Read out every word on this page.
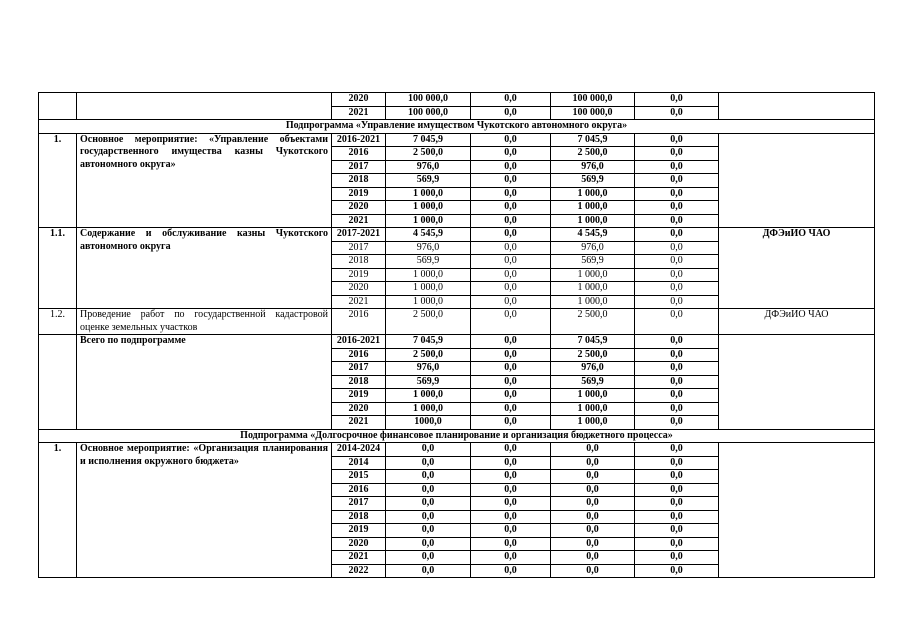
		2020	100 000,0	0,0	100 000,0	0,0	
		2021	100 000,0	0,0	100 000,0	0,0	
Подпрограмма «Управление имуществом Чукотского автономного округа»							
1.	Основное мероприятие: «Управление объектами государственного имущества казны Чукотского автономного округа»	2016-2021	7 045,9	0,0	7 045,9	0,0	
		2016	2 500,0	0,0	2 500,0	0,0	
		2017	976,0	0,0	976,0	0,0	
		2018	569,9	0,0	569,9	0,0	
		2019	1 000,0	0,0	1 000,0	0,0	
		2020	1 000,0	0,0	1 000,0	0,0	
		2021	1 000,0	0,0	1 000,0	0,0	
1.1.	Содержание и обслуживание казны Чукотского автономного округа	2017-2021	4 545,9	0,0	4 545,9	0,0	ДФЭиИО ЧАО
		2017	976,0	0,0	976,0	0,0	
		2018	569,9	0,0	569,9	0,0	
		2019	1 000,0	0,0	1 000,0	0,0	
		2020	1 000,0	0,0	1 000,0	0,0	
		2021	1 000,0	0,0	1 000,0	0,0	
1.2.	Проведение работ по государственной кадастровой оценке земельных участков	2016	2 500,0	0,0	2 500,0	0,0	ДФЭиИО ЧАО
	Всего по подпрограмме	2016-2021	7 045,9	0,0	7 045,9	0,0	
		2016	2 500,0	0,0	2 500,0	0,0	
		2017	976,0	0,0	976,0	0,0	
		2018	569,9	0,0	569,9	0,0	
		2019	1 000,0	0,0	1 000,0	0,0	
		2020	1 000,0	0,0	1 000,0	0,0	
		2021	1000,0	0,0	1 000,0	0,0	
Подпрограмма «Долгосрочное финансовое планирование и организация бюджетного процесса»							
1.	Основное мероприятие: «Организация планирования и исполнения окружного бюджета»	2014-2024	0,0	0,0	0,0	0,0	
		2014	0,0	0,0	0,0	0,0	
		2015	0,0	0,0	0,0	0,0	
		2016	0,0	0,0	0,0	0,0	
		2017	0,0	0,0	0,0	0,0	
		2018	0,0	0,0	0,0	0,0	
		2019	0,0	0,0	0,0	0,0	
		2020	0,0	0,0	0,0	0,0	
		2021	0,0	0,0	0,0	0,0	
		2022	0,0	0,0	0,0	0,0	
